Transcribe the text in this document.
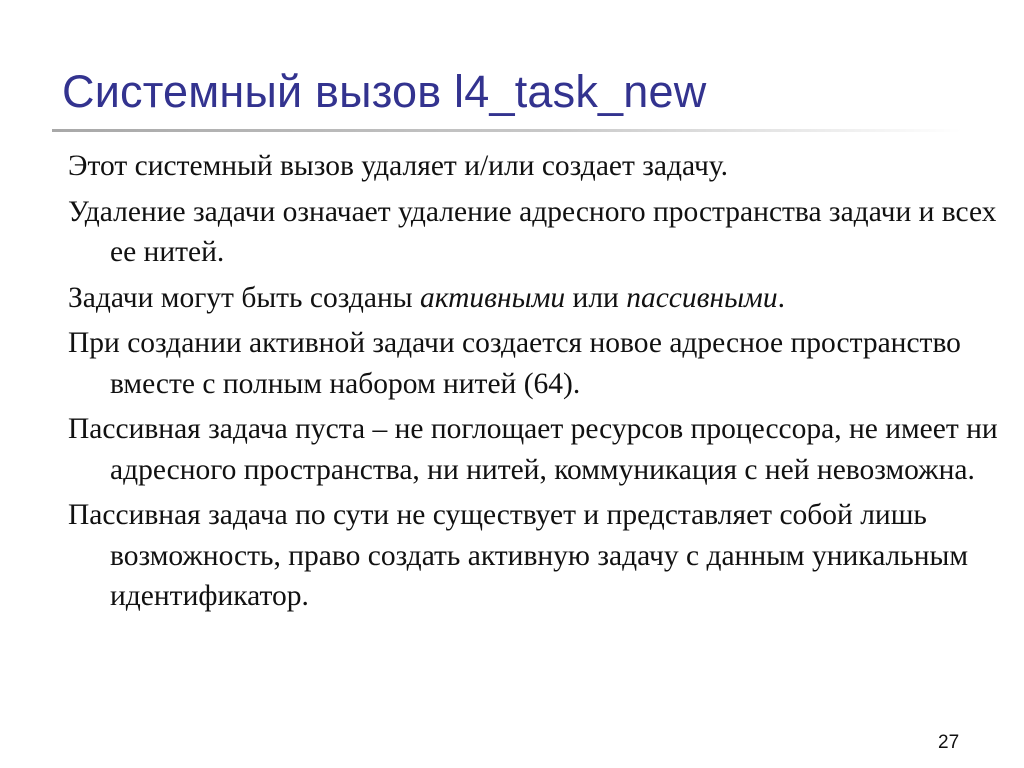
Системный вызов l4_task_new

Этот системный вызов удаляет и/или создает задачу.

Удаление задачи означает удаление адресного пространства задачи и всех ее нитей.

Задачи могут быть созданы активными или пассивными.

При создании активной задачи создается новое адресное пространство вместе с полным набором нитей (64).

Пассивная задача пуста – не поглощает ресурсов процессора, не имеет ни адресного пространства, ни нитей, коммуникация с ней невозможна.

Пассивная задача по сути не существует и представляет собой лишь возможность, право создать активную задачу с данным уникальным идентификатор.

27
